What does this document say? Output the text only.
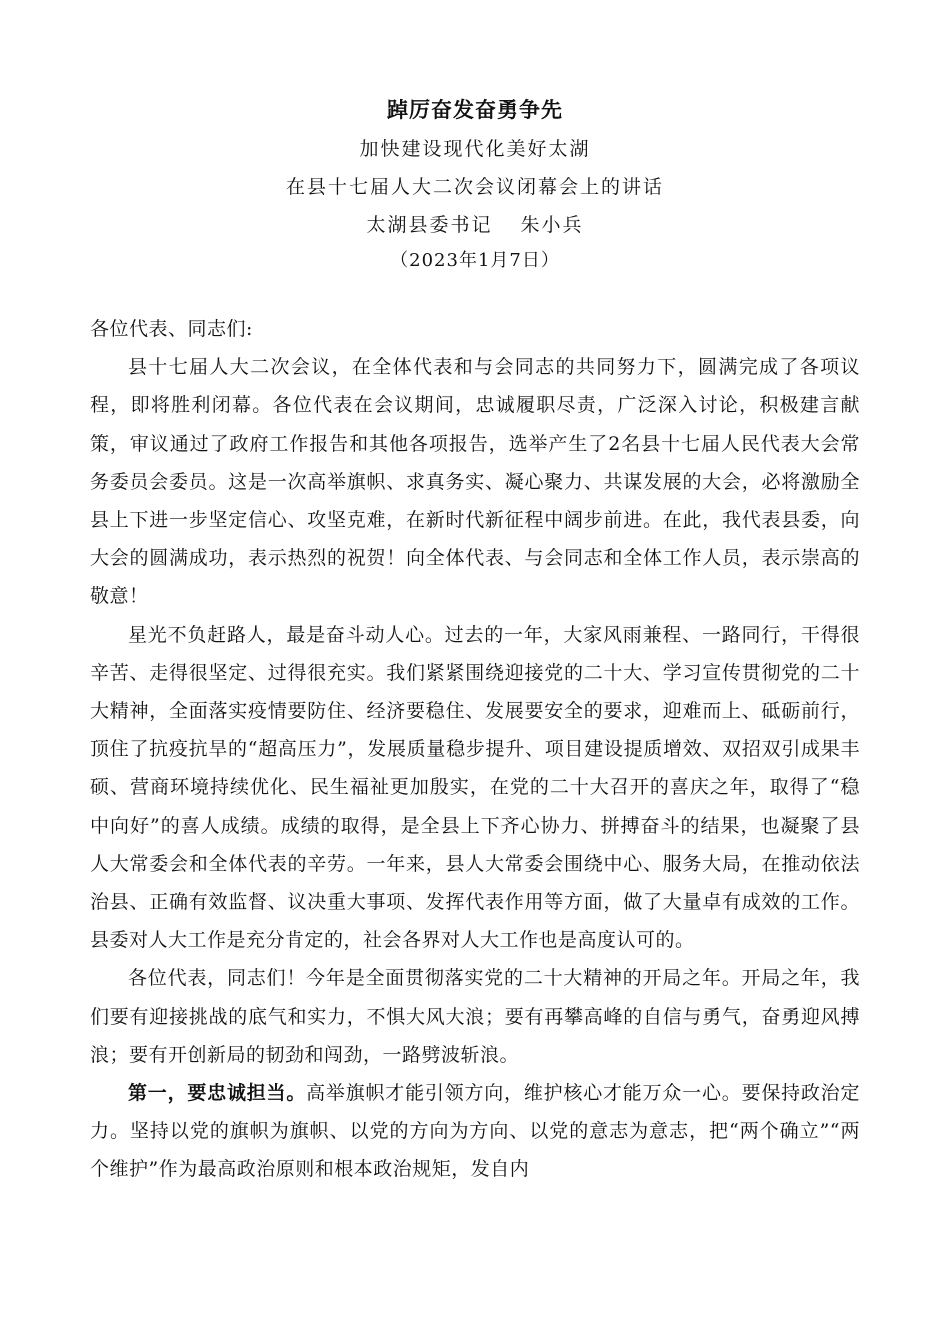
踔厉奋发奋勇争先
加快建设现代化美好太湖
在县十七届人大二次会议闭幕会上的讲话
太湖县委书记 朱小兵
（2023年1月7日）

各位代表、同志们:

县十七届人大二次会议，在全体代表和与会同志的共同努力下，圆满完成了各项议程，即将胜利闭幕。各位代表在会议期间，忠诚履职尽责，广泛深入讨论，积极建言献策，审议通过了政府工作报告和其他各项报告，选举产生了2名县十七届人民代表大会常务委员会委员。这是一次高举旗帜、求真务实、凝心聚力、共谋发展的大会，必将激励全县上下进一步坚定信心、攻坚克难，在新时代新征程中阔步前进。在此，我代表县委，向大会的圆满成功，表示热烈的祝贺！向全体代表、与会同志和全体工作人员，表示崇高的敬意！

星光不负赶路人，最是奋斗动人心。过去的一年，大家风雨兼程、一路同行，干得很辛苦、走得很坚定、过得很充实。我们紧紧围绕迎接党的二十大、学习宣传贯彻党的二十大精神，全面落实疫情要防住、经济要稳住、发展要安全的要求，迎难而上、砥砺前行，顶住了抗疫抗旱的“超高压力”，发展质量稳步提升、项目建设提质增效、双招双引成果丰硕、营商环境持续优化、民生福祉更加殷实，在党的二十大召开的喜庆之年，取得了“稳中向好”的喜人成绩。成绩的取得，是全县上下齐心协力、拼搏奋斗的结果，也凝聚了县人大常委会和全体代表的辛劳。一年来，县人大常委会围绕中心、服务大局，在推动依法治县、正确有效监督、议决重大事项、发挥代表作用等方面，做了大量卓有成效的工作。县委对人大工作是充分肯定的，社会各界对人大工作也是高度认可的。

各位代表，同志们！今年是全面贯彻落实党的二十大精神的开局之年。开局之年，我们要有迎接挑战的底气和实力，不惧大风大浪；要有再攀高峰的自信与勇气，奋勇迎风搏浪；要有开创新局的韧劲和闯劲，一路劈波斩浪。

第一，要忠诚担当。高举旗帜才能引领方向，维护核心才能万众一心。要保持政治定力。坚持以党的旗帜为旗帜、以党的方向为方向、以党的意志为意志，把“两个确立”“两个维护”作为最高政治原则和根本政治规矩，发自内
